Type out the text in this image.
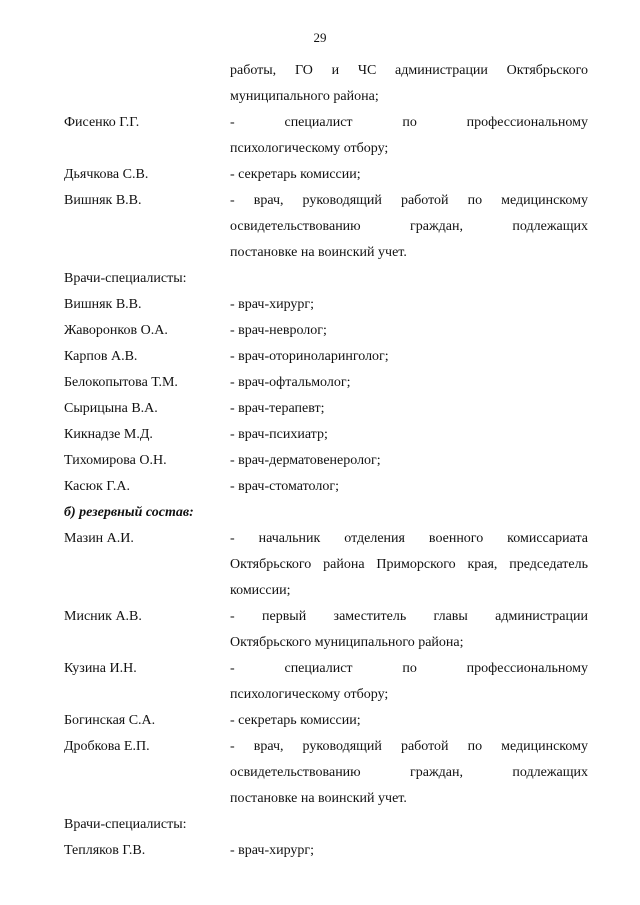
29
работы, ГО и ЧС администрации Октябрьского
муниципального района;
Фисенко Г.Г.	- специалист по профессиональному
психологическому отбору;
Дьячкова С.В.	- секретарь комиссии;
Вишняк В.В.	- врач, руководящий работой по медицинскому
освидетельствованию граждан, подлежащих
постановке на воинский учет.
Врачи-специалисты:
Вишняк В.В.	- врач-хирург;
Жаворонков О.А.	- врач-невролог;
Карпов А.В.	- врач-оториноларинголог;
Белокопытова Т.М.	- врач-офтальмолог;
Сырицына В.А.	- врач-терапевт;
Кикнадзе М.Д.	- врач-психиатр;
Тихомирова О.Н.	- врач-дерматовенеролог;
Касюк Г.А.	- врач-стоматолог;
б) резервный состав:
Мазин А.И.	- начальник отделения военного комиссариата
Октябрьского района Приморского края, председатель
комиссии;
Мисник А.В.	- первый заместитель главы администрации
Октябрьского муниципального района;
Кузина И.Н.	- специалист по профессиональному
психологическому отбору;
Богинская С.А.	- секретарь комиссии;
Дробкова Е.П.	- врач, руководящий работой по медицинскому
освидетельствованию граждан, подлежащих
постановке на воинский учет.
Врачи-специалисты:
Тепляков Г.В.	- врач-хирург;
